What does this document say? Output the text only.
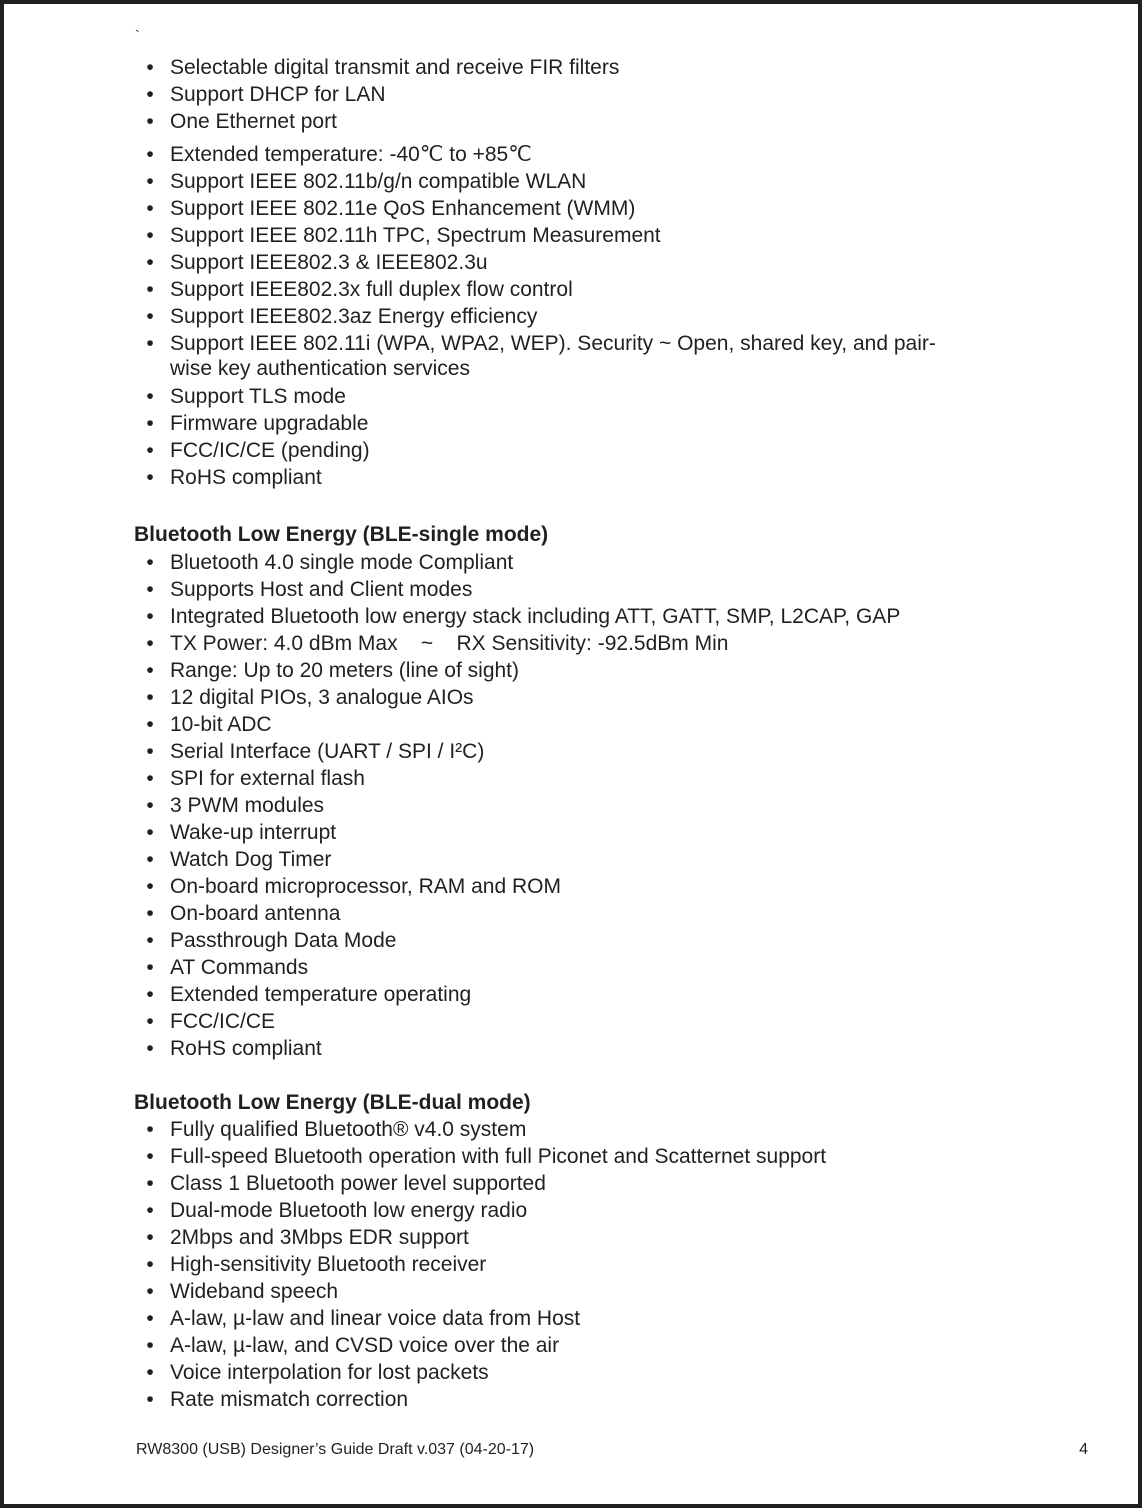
`
• Selectable digital transmit and receive FIR filters
• Support DHCP for LAN
• One Ethernet port
• Extended temperature: -40℃ to +85℃
• Support IEEE 802.11b/g/n compatible WLAN
• Support IEEE 802.11e QoS Enhancement (WMM)
• Support IEEE 802.11h TPC, Spectrum Measurement
• Support IEEE802.3 & IEEE802.3u
• Support IEEE802.3x full duplex flow control
• Support IEEE802.3az Energy efficiency
• Support IEEE 802.11i (WPA, WPA2, WEP). Security ~ Open, shared key, and pair-wise key authentication services
• Support TLS mode
• Firmware upgradable
• FCC/IC/CE (pending)
• RoHS compliant
Bluetooth Low Energy (BLE-single mode)
• Bluetooth 4.0 single mode Compliant
• Supports Host and Client modes
• Integrated Bluetooth low energy stack including ATT, GATT, SMP, L2CAP, GAP
• TX Power: 4.0 dBm Max    ~    RX Sensitivity: -92.5dBm Min
• Range: Up to 20 meters (line of sight)
• 12 digital PIOs, 3 analogue AIOs
• 10-bit ADC
• Serial Interface (UART / SPI / I²C)
• SPI for external flash
• 3 PWM modules
• Wake-up interrupt
• Watch Dog Timer
• On-board microprocessor, RAM and ROM
• On-board antenna
• Passthrough Data Mode
• AT Commands
• Extended temperature operating
• FCC/IC/CE
• RoHS compliant
Bluetooth Low Energy (BLE-dual mode)
• Fully qualified Bluetooth® v4.0 system
• Full-speed Bluetooth operation with full Piconet and Scatternet support
• Class 1 Bluetooth power level supported
• Dual-mode Bluetooth low energy radio
• 2Mbps and 3Mbps EDR support
• High-sensitivity Bluetooth receiver
• Wideband speech
• A-law, µ-law and linear voice data from Host
• A-law, µ-law, and CVSD voice over the air
• Voice interpolation for lost packets
• Rate mismatch correction
RW8300 (USB) Designer’s Guide Draft v.037 (04-20-17)	4
